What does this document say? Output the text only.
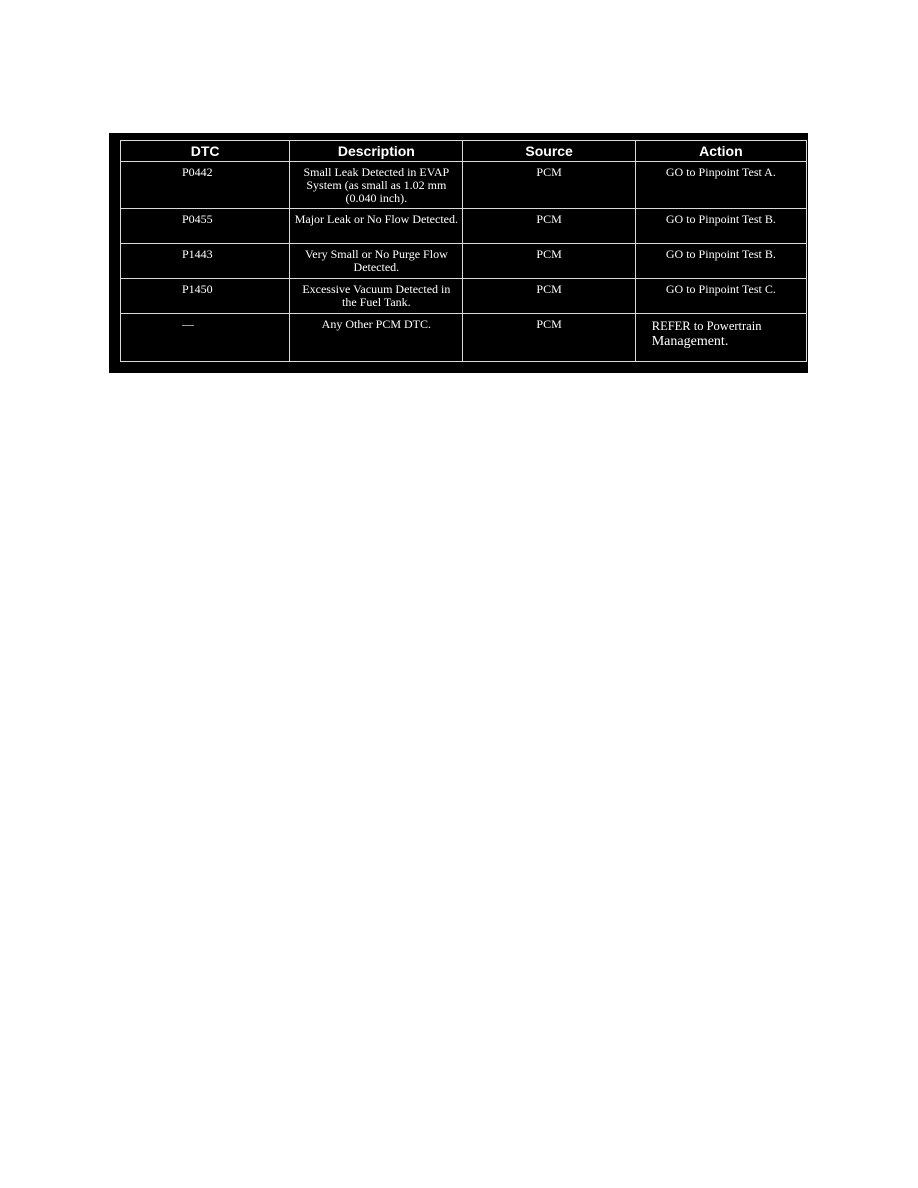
DTC	Description	Source	Action
P0442	Small Leak Detected in EVAP System (as small as 1.02 mm (0.040 inch).	PCM	GO to Pinpoint Test A.
P0455	Major Leak or No Flow Detected.	PCM	GO to Pinpoint Test B.
P1443	Very Small or No Purge Flow Detected.	PCM	GO to Pinpoint Test B.
P1450	Excessive Vacuum Detected in the Fuel Tank.	PCM	GO to Pinpoint Test C.
—	Any Other PCM DTC.	PCM	REFER to Powertrain
Management.
